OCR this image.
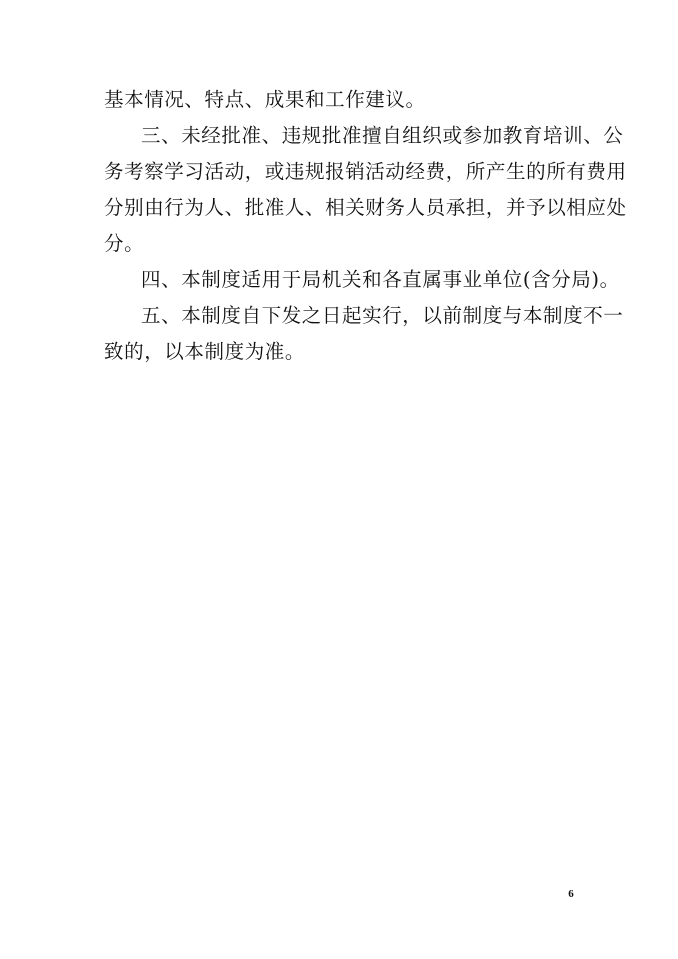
基本情况、特点、成果和工作建议。
三、未经批准、违规批准擅自组织或参加教育培训、公
务考察学习活动，或违规报销活动经费，所产生的所有费用
分别由行为人、批准人、相关财务人员承担，并予以相应处
分。
四、本制度适用于局机关和各直属事业单位(含分局)。
五、本制度自下发之日起实行，以前制度与本制度不一
致的，以本制度为准。
6
